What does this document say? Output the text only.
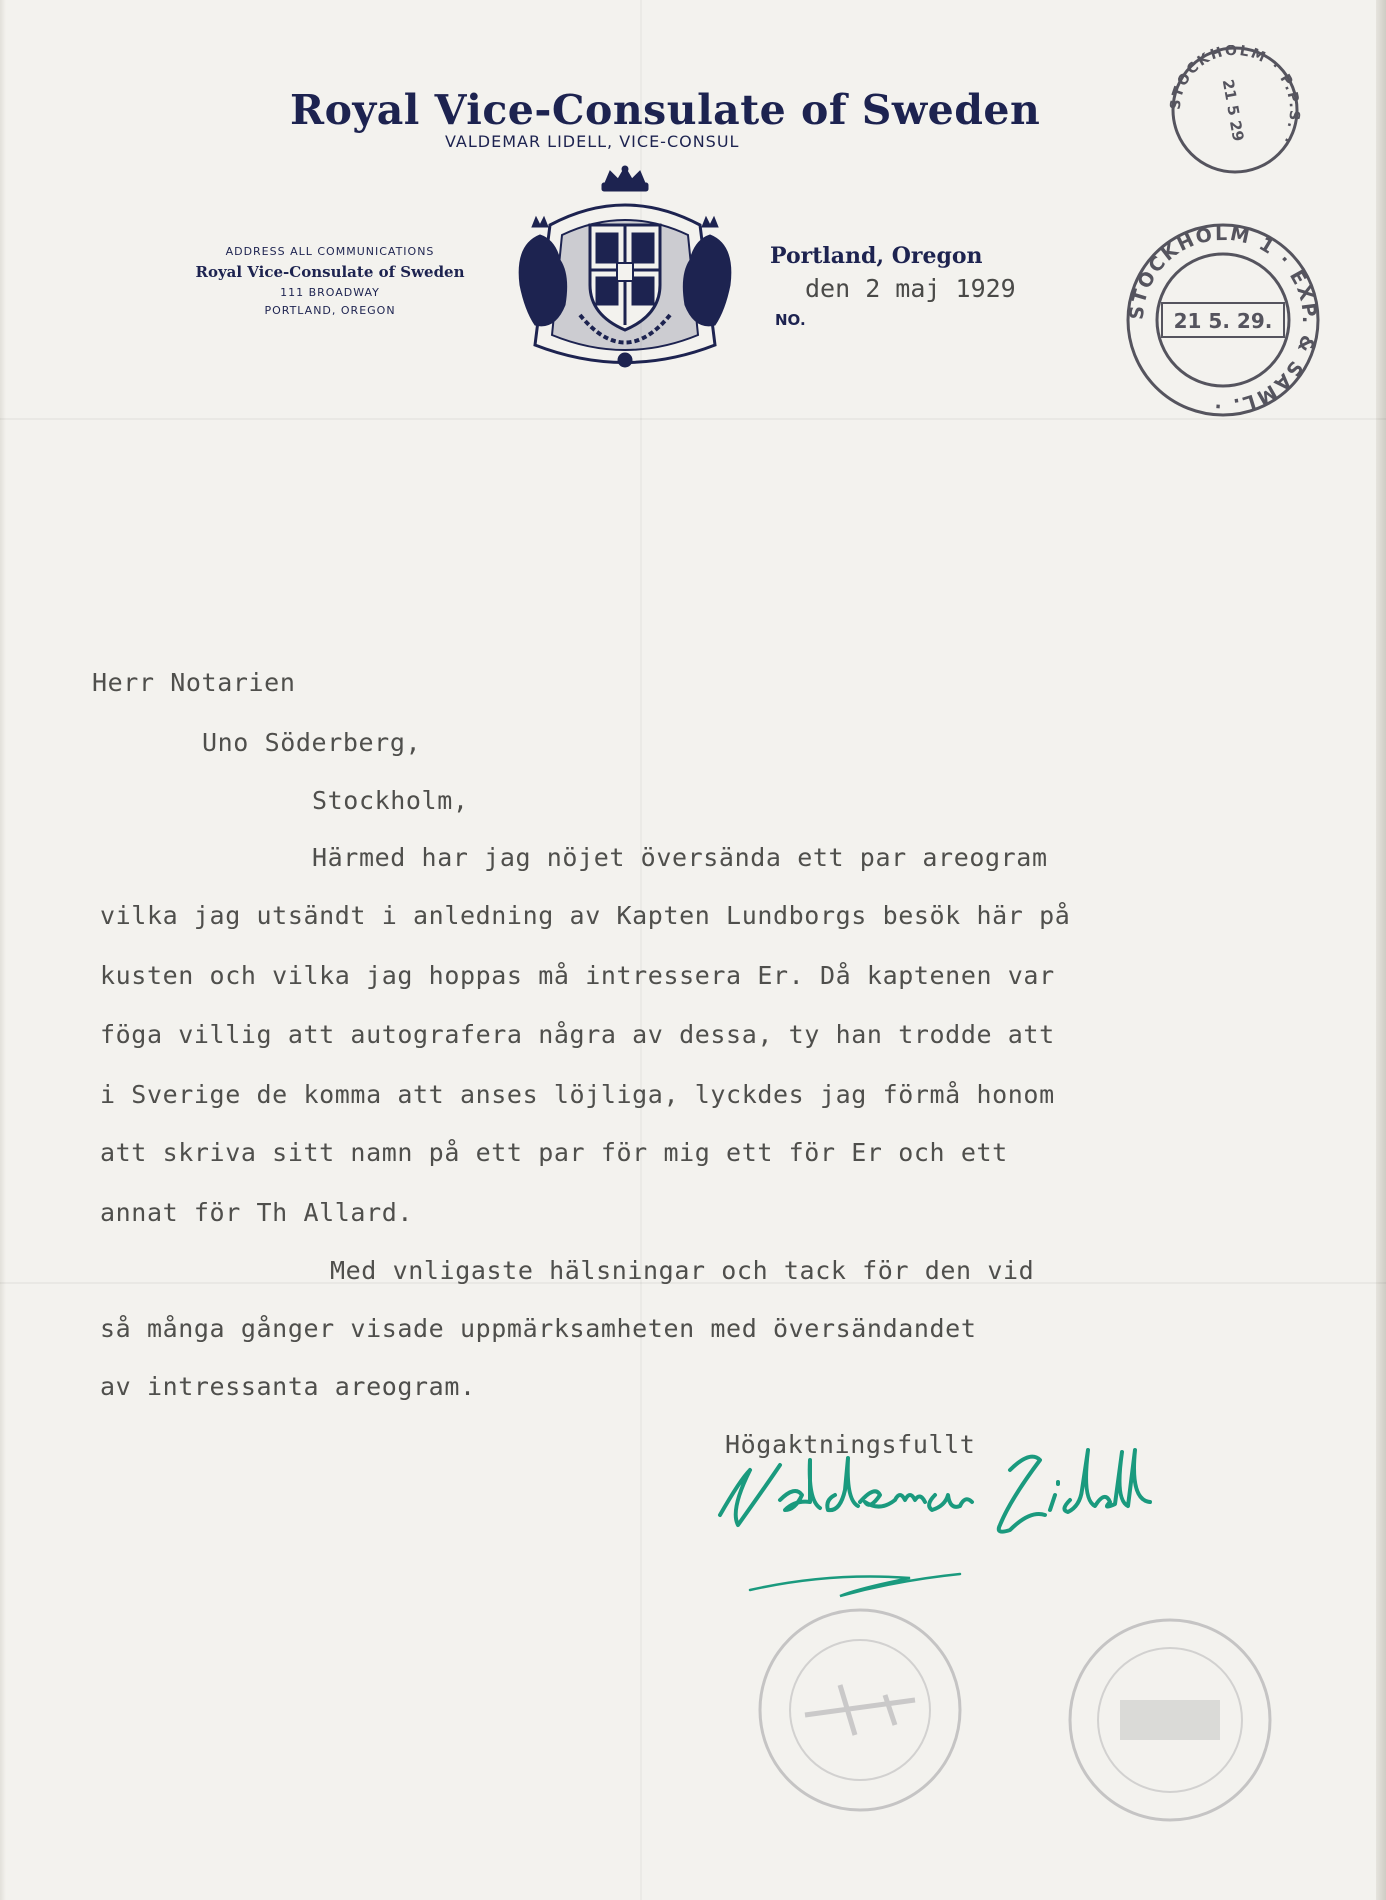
Royal Vice-Consulate of Sweden
VALDEMAR LIDELL, VICE-CONSUL
ADDRESS ALL COMMUNICATIONS
Royal Vice-Consulate of Sweden
111 BROADWAY
PORTLAND, OREGON
Portland, Oregon
den 2 maj 1929
NO.
STOCKHOLM · P.P.S. ·
21 5 29
STOCKHOLM 1 · EXP. & SAML. ·
21 5. 29.
Herr Notarien
Uno Söderberg,
Stockholm,
Härmed har jag nöjet översända ett par areogram
vilka jag utsändt i anledning av Kapten Lundborgs besök här på
kusten och vilka jag hoppas må intressera Er. Då kaptenen var
föga villig att autografera några av dessa, ty han trodde att
i Sverige de komma att anses löjliga, lyckdes jag förmå honom
att skriva sitt namn på ett par för mig ett för Er och ett
annat för Th Allard.
Med vnligaste hälsningar och tack för den vid
så många gånger visade uppmärksamheten med översändandet
av intressanta areogram.
Högaktningsfullt
